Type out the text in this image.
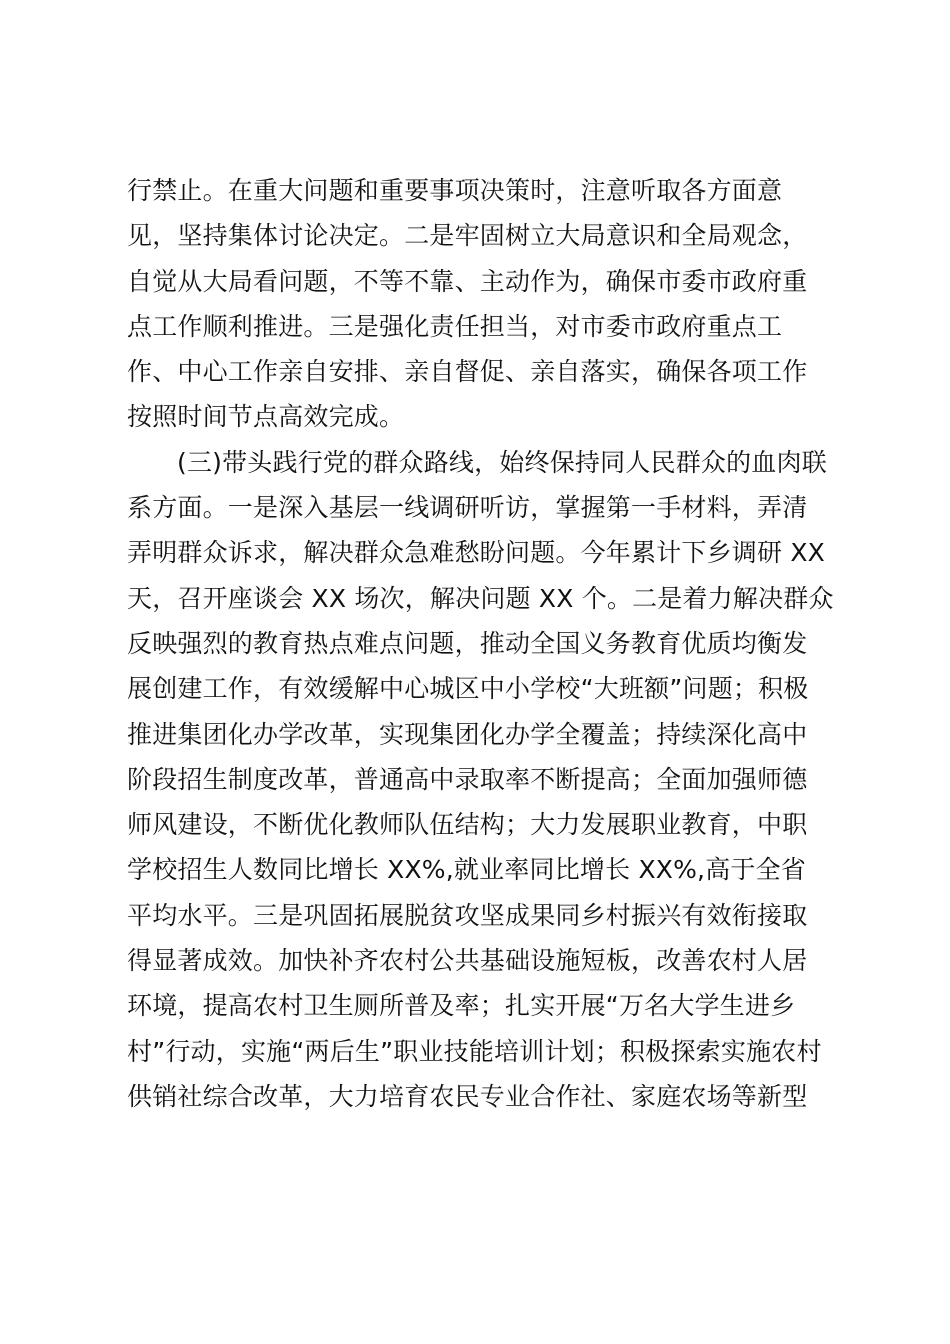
行禁止。在重大问题和重要事项决策时，注意听取各方面意
见，坚持集体讨论决定。二是牢固树立大局意识和全局观念，
自觉从大局看问题，不等不靠、主动作为，确保市委市政府重
点工作顺利推进。三是强化责任担当，对市委市政府重点工
作、中心工作亲自安排、亲自督促、亲自落实，确保各项工作
按照时间节点高效完成。
(三)带头践行党的群众路线，始终保持同人民群众的血肉联
系方面。一是深入基层一线调研听访，掌握第一手材料，弄清
弄明群众诉求，解决群众急难愁盼问题。今年累计下乡调研 XX
天，召开座谈会 XX 场次，解决问题 XX 个。二是着力解决群众
反映强烈的教育热点难点问题，推动全国义务教育优质均衡发
展创建工作，有效缓解中心城区中小学校“大班额”问题；积极
推进集团化办学改革，实现集团化办学全覆盖；持续深化高中
阶段招生制度改革，普通高中录取率不断提高；全面加强师德
师风建设，不断优化教师队伍结构；大力发展职业教育，中职
学校招生人数同比增长 XX%,就业率同比增长 XX%,高于全省
平均水平。三是巩固拓展脱贫攻坚成果同乡村振兴有效衔接取
得显著成效。加快补齐农村公共基础设施短板，改善农村人居
环境，提高农村卫生厕所普及率；扎实开展“万名大学生进乡
村”行动，实施“两后生”职业技能培训计划；积极探索实施农村
供销社综合改革，大力培育农民专业合作社、家庭农场等新型
